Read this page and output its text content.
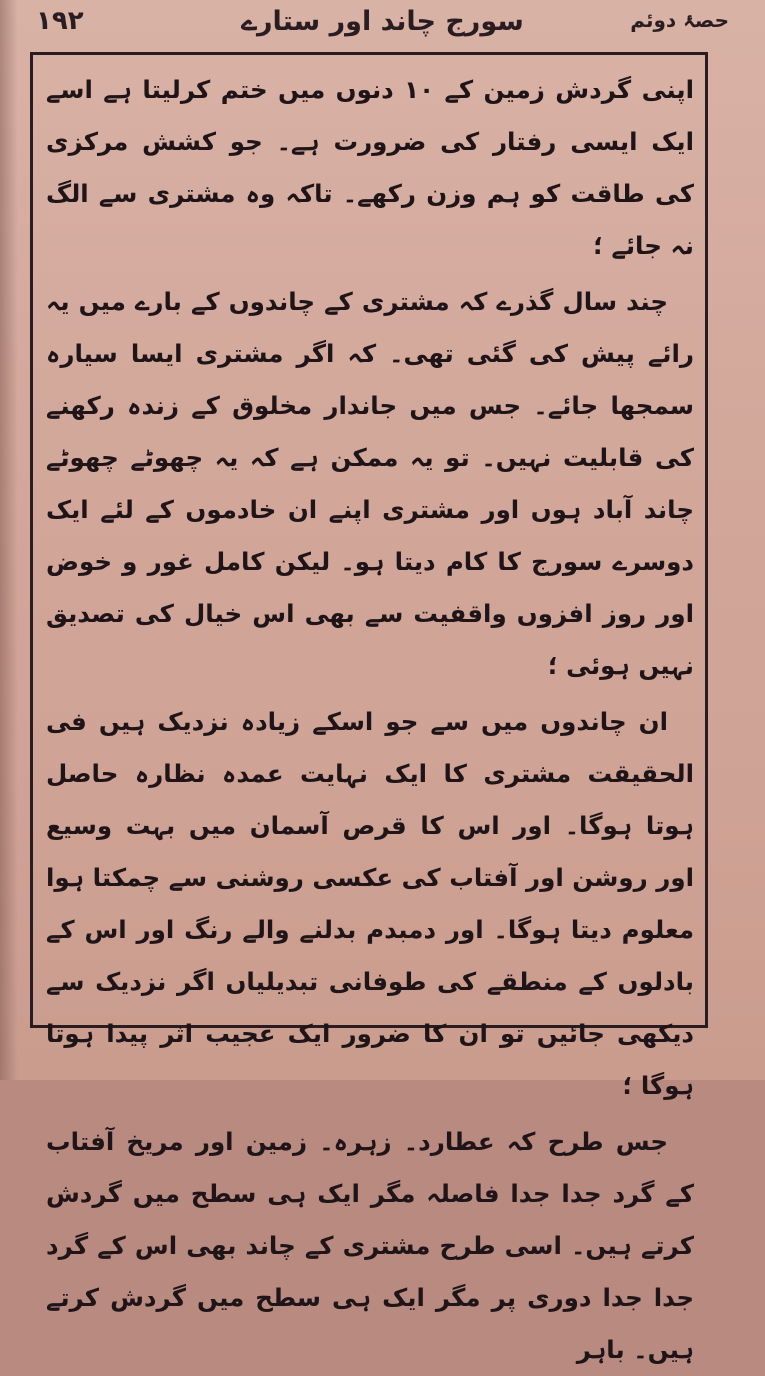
۱۹۲	سورج چاند اور ستارے	حصۂ دوئم

اپنی گردش زمین کے ۱۰ دنوں میں ختم کرلیتا ہے اسے ایک ایسی رفتار کی ضرورت ہے۔ جو کشش مرکزی کی طاقت کو ہم وزن رکھے۔ تاکہ وہ مشتری سے الگ نہ جائے ؛

چند سال گذرے کہ مشتری کے چاندوں کے بارے میں یہ رائے پیش کی گئی تھی۔ کہ اگر مشتری ایسا سیارہ سمجھا جائے۔ جس میں جاندار مخلوق کے زندہ رکھنے کی قابلیت نہیں۔ تو یہ ممکن ہے کہ یہ چھوٹے چھوٹے چاند آباد ہوں اور مشتری اپنے ان خادموں کے لئے ایک دوسرے سورج کا کام دیتا ہو۔ لیکن کامل غور و خوض اور روز افزوں واقفیت سے بھی اس خیال کی تصدیق نہیں ہوئی ؛

ان چاندوں میں سے جو اسکے زیادہ نزدیک ہیں فی الحقیقت مشتری کا ایک نہایت عمدہ نظارہ حاصل ہوتا ہوگا۔ اور اس کا قرص آسمان میں بہت وسیع اور روشن اور آفتاب کی عکسی روشنی سے چمکتا ہوا معلوم دیتا ہوگا۔ اور دمبدم بدلنے والے رنگ اور اس کے بادلوں کے منطقے کی طوفانی تبدیلیاں اگر نزدیک سے دیکھی جائیں تو ان کا ضرور ایک عجیب اثر پیدا ہوتا ہوگا ؛

جس طرح کہ عطارد۔ زہرہ۔ زمین اور مریخ آفتاب کے گرد جدا جدا فاصلہ مگر ایک ہی سطح میں گردش کرتے ہیں۔ اسی طرح مشتری کے چاند بھی اس کے گرد جدا جدا دوری پر مگر ایک ہی سطح میں گردش کرتے ہیں۔ باہر
